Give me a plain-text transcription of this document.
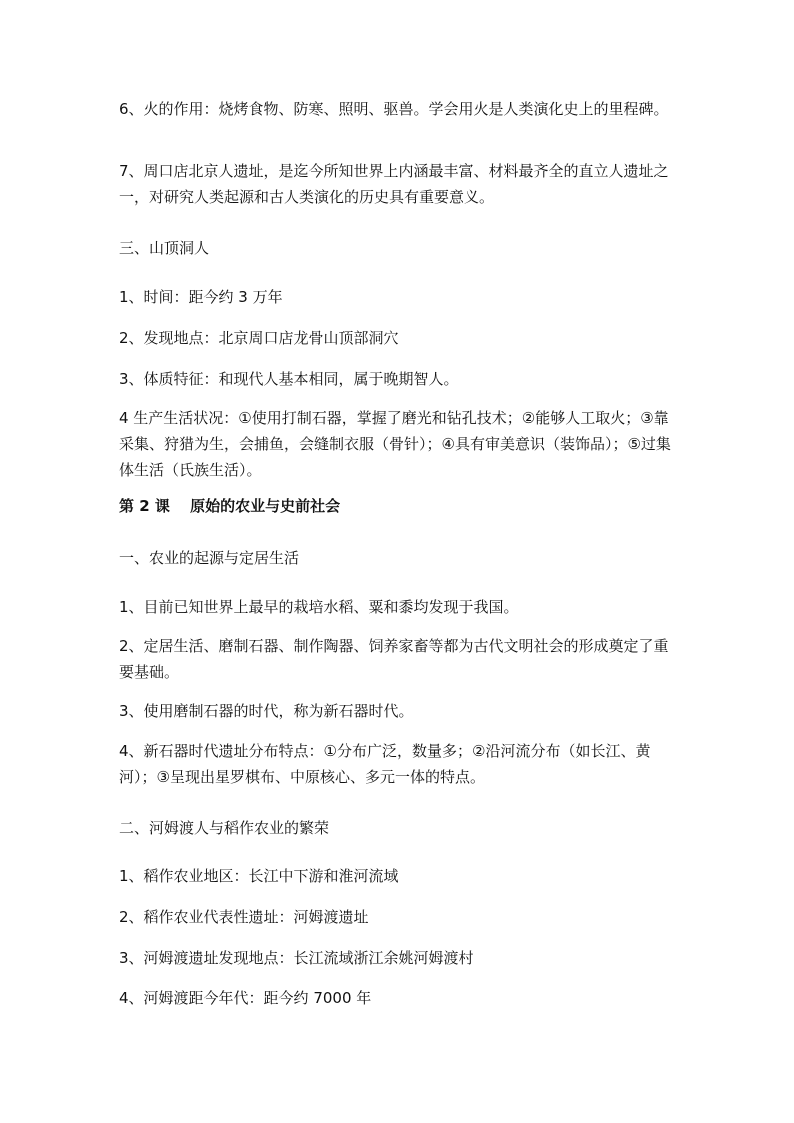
6、火的作用：烧烤食物、防寒、照明、驱兽。学会用火是人类演化史上的里程碑。
7、周口店北京人遗址，是迄今所知世界上内涵最丰富、材料最齐全的直立人遗址之一，对研究人类起源和古人类演化的历史具有重要意义。
三、山顶洞人
1、时间：距今约 3 万年
2、发现地点：北京周口店龙骨山顶部洞穴
3、体质特征：和现代人基本相同，属于晚期智人。
4 生产生活状况：①使用打制石器，掌握了磨光和钻孔技术；②能够人工取火；③靠采集、狩猎为生，会捕鱼，会缝制衣服（骨针）；④具有审美意识（装饰品）；⑤过集体生活（氏族生活）。
第 2 课　 原始的农业与史前社会
一、农业的起源与定居生活
1、目前已知世界上最早的栽培水稻、粟和黍均发现于我国。
2、定居生活、磨制石器、制作陶器、饲养家畜等都为古代文明社会的形成奠定了重要基础。
3、使用磨制石器的时代，称为新石器时代。
4、新石器时代遗址分布特点：①分布广泛，数量多；②沿河流分布（如长江、黄河）；③呈现出星罗棋布、中原核心、多元一体的特点。
二、河姆渡人与稻作农业的繁荣
1、稻作农业地区：长江中下游和淮河流域
2、稻作农业代表性遗址：河姆渡遗址
3、河姆渡遗址发现地点：长江流域浙江余姚河姆渡村
4、河姆渡距今年代：距今约 7000 年
